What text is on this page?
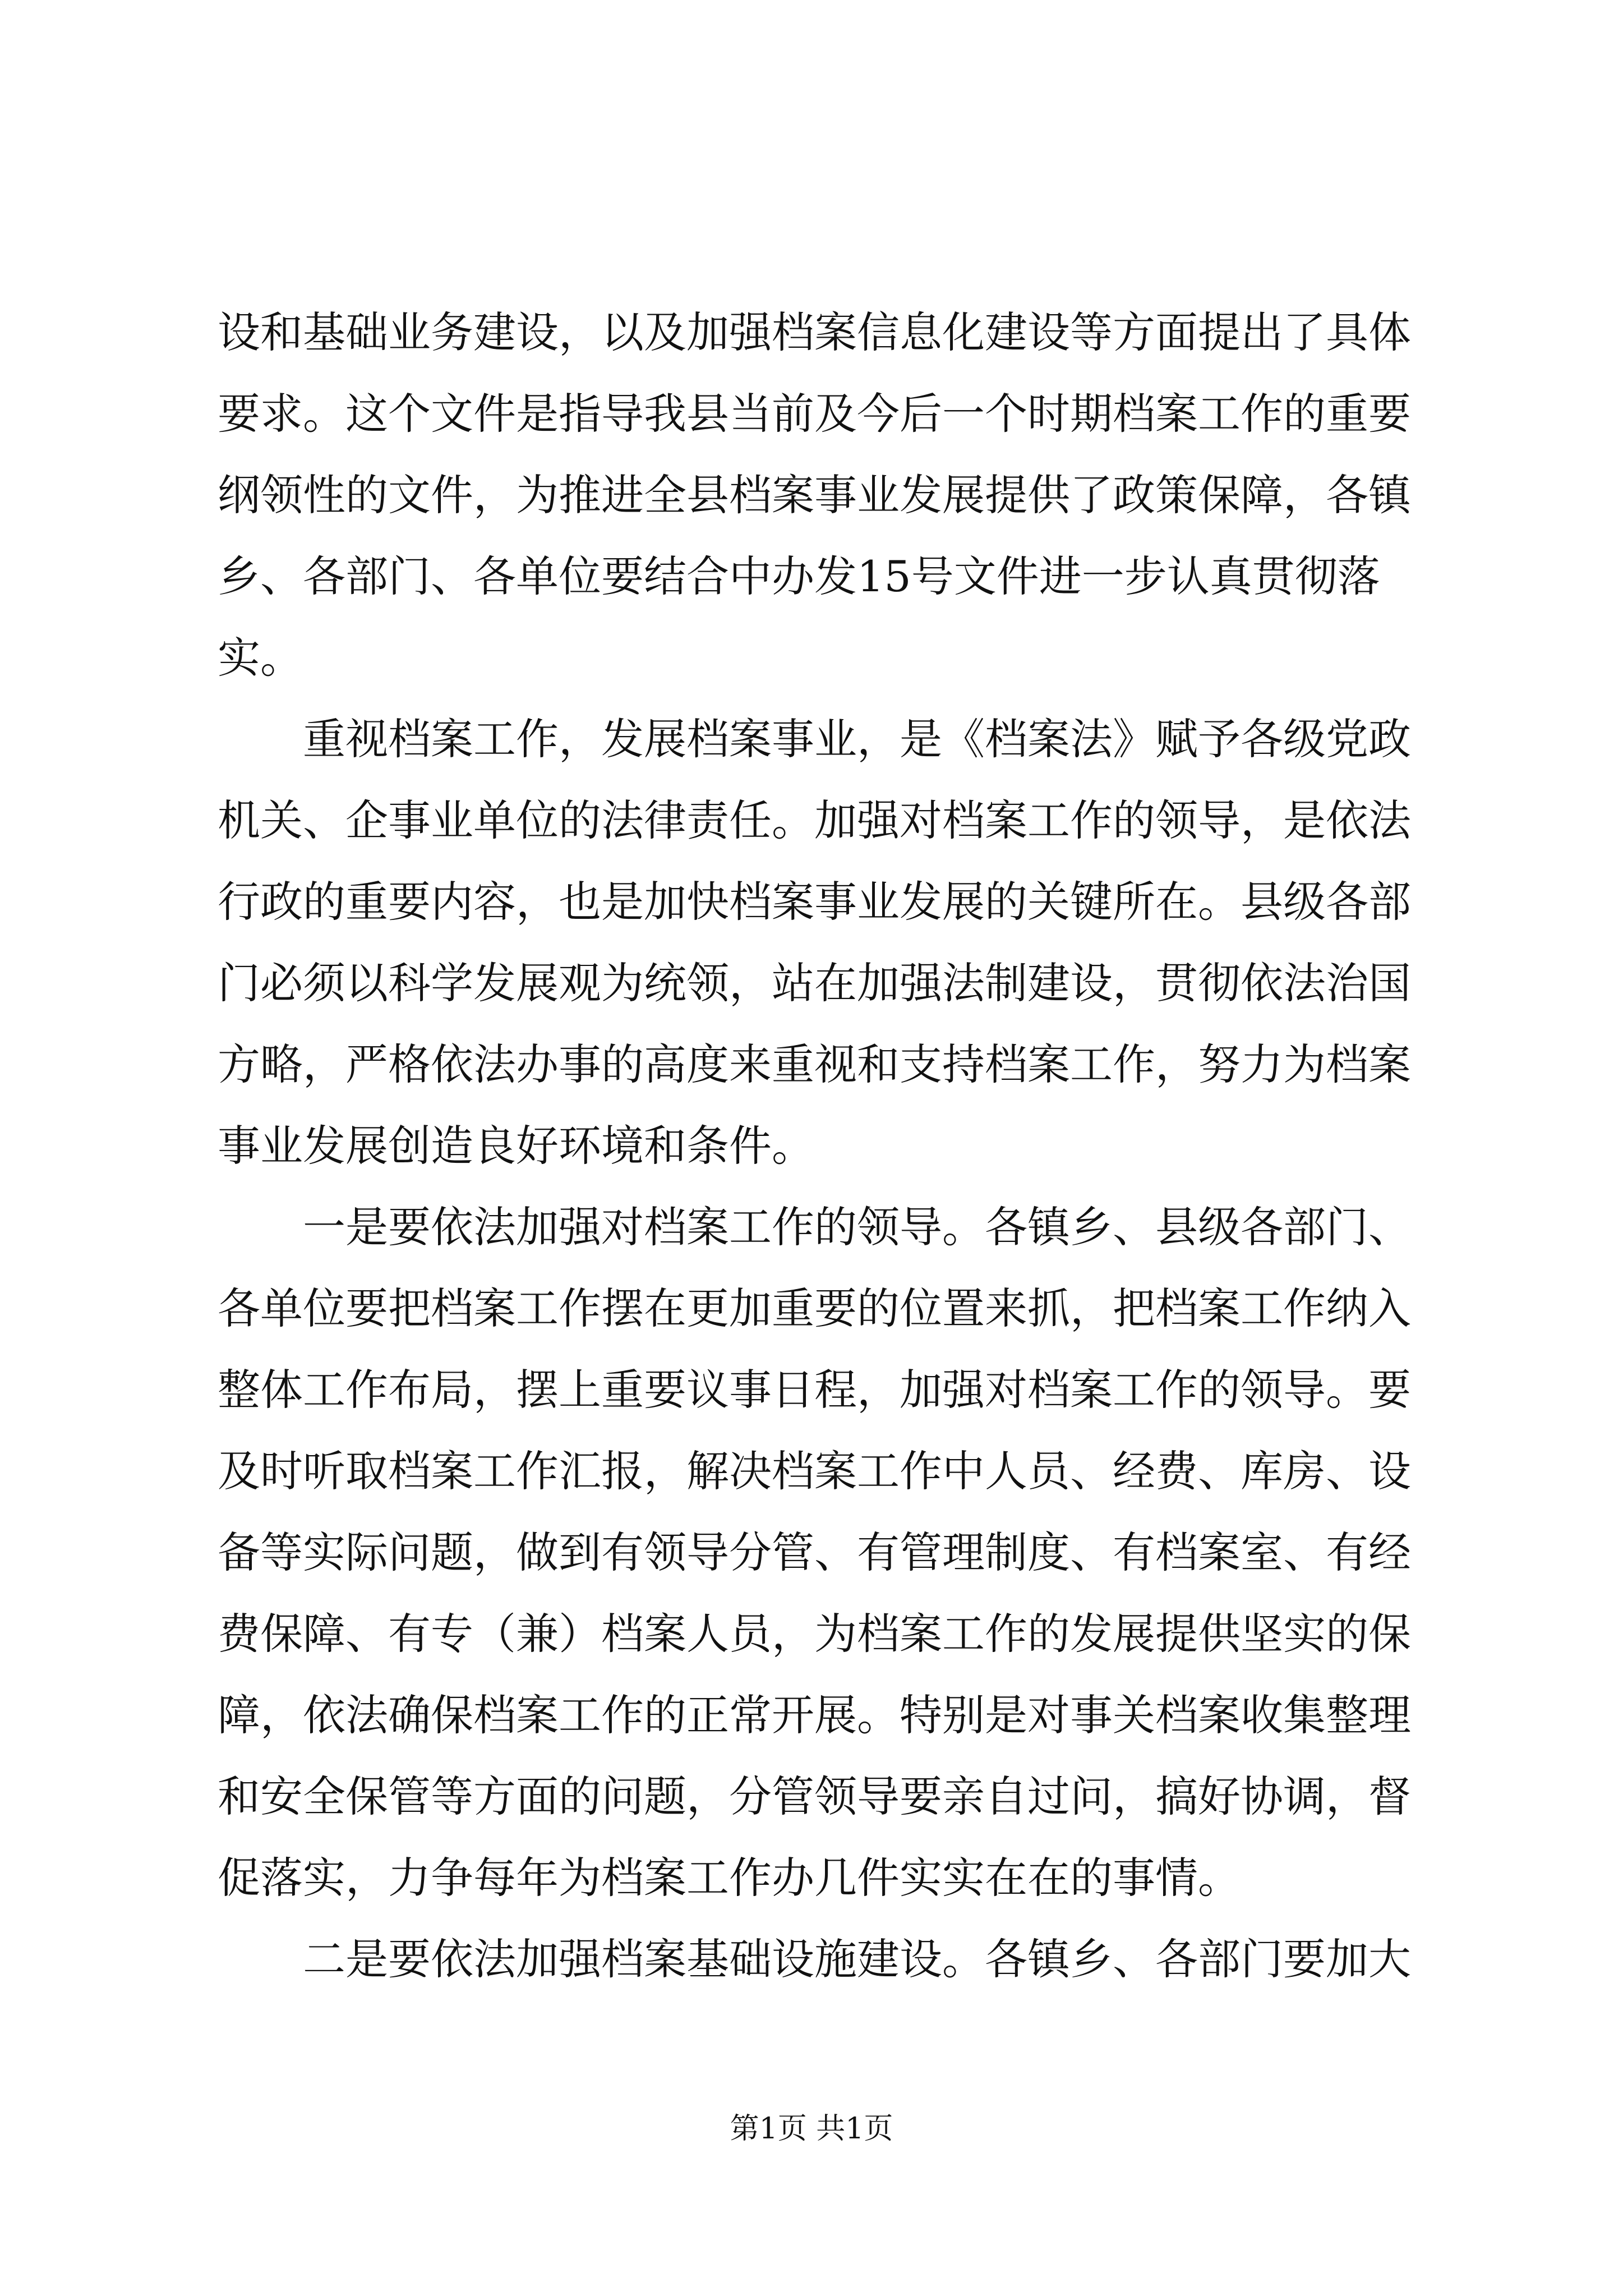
设和基础业务建设，以及加强档案信息化建设等方面提出了具体
要求。这个文件是指导我县当前及今后一个时期档案工作的重要
纲领性的文件，为推进全县档案事业发展提供了政策保障，各镇
乡、各部门、各单位要结合中办发15号文件进一步认真贯彻落
实。
　　重视档案工作，发展档案事业，是《档案法》赋予各级党政
机关、企事业单位的法律责任。加强对档案工作的领导，是依法
行政的重要内容，也是加快档案事业发展的关键所在。县级各部
门必须以科学发展观为统领，站在加强法制建设，贯彻依法治国
方略，严格依法办事的高度来重视和支持档案工作，努力为档案
事业发展创造良好环境和条件。
　　一是要依法加强对档案工作的领导。各镇乡、县级各部门、
各单位要把档案工作摆在更加重要的位置来抓，把档案工作纳入
整体工作布局，摆上重要议事日程，加强对档案工作的领导。要
及时听取档案工作汇报，解决档案工作中人员、经费、库房、设
备等实际问题，做到有领导分管、有管理制度、有档案室、有经
费保障、有专（兼）档案人员，为档案工作的发展提供坚实的保
障，依法确保档案工作的正常开展。特别是对事关档案收集整理
和安全保管等方面的问题，分管领导要亲自过问，搞好协调，督
促落实，力争每年为档案工作办几件实实在在的事情。
　　二是要依法加强档案基础设施建设。各镇乡、各部门要加大
第1页 共1页
